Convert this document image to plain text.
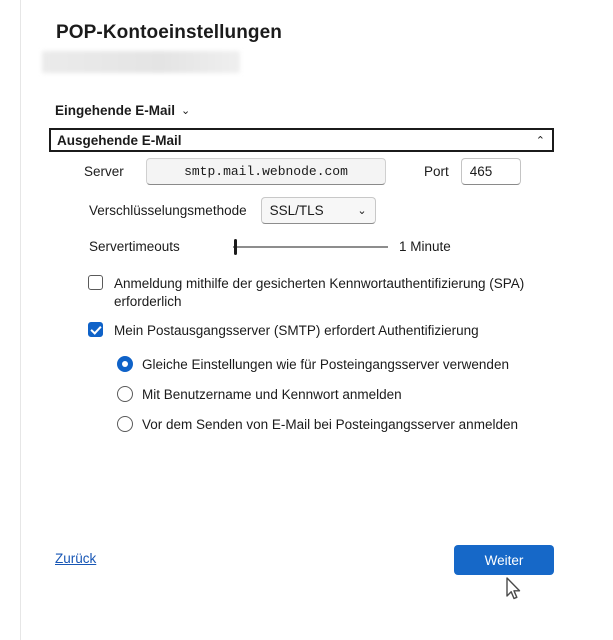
POP-Kontoeinstellungen
Eingehende E-Mail ⌄
Ausgehende E-Mail	⌃
Server	smtp.mail.webnode.com	Port	465
Verschlüsselungsmethode SSL/TLS	⌄
Servertimeouts	1 Minute
Anmeldung mithilfe der gesicherten Kennwortauthentifizierung (SPA) erforderlich
Mein Postausgangsserver (SMTP) erfordert Authentifizierung
Gleiche Einstellungen wie für Posteingangsserver verwenden
Mit Benutzername und Kennwort anmelden
Vor dem Senden von E-Mail bei Posteingangsserver anmelden
Zurück	Weiter
